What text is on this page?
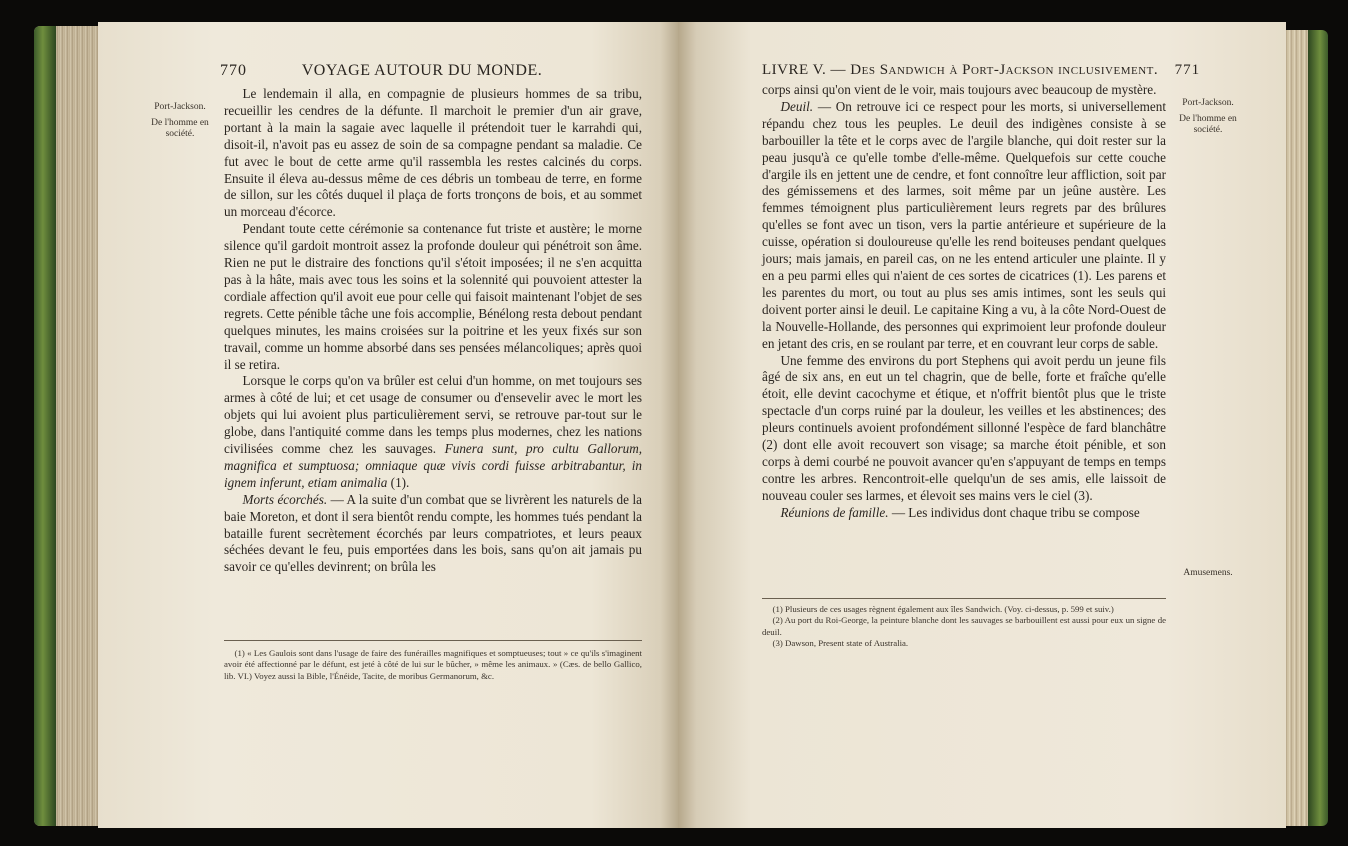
770	VOYAGE AUTOUR DU MONDE.
Port-Jackson.
De l'homme en société.

Le lendemain il alla, en compagnie de plusieurs hommes de sa tribu, recueillir les cendres de la défunte. Il marchoit le premier d'un air grave, portant à la main la sagaie avec laquelle il prétendoit tuer le karrahdi qui, disoit-il, n'avoit pas eu assez de soin de sa compagne pendant sa maladie. Ce fut avec le bout de cette arme qu'il rassembla les restes calcinés du corps. Ensuite il éleva au-dessus même de ces débris un tombeau de terre, en forme de sillon, sur les côtés duquel il plaça de forts tronçons de bois, et au sommet un morceau d'écorce.

Pendant toute cette cérémonie sa contenance fut triste et austère; le morne silence qu'il gardoit montroit assez la profonde douleur qui pénétroit son âme. Rien ne put le distraire des fonctions qu'il s'étoit imposées; il ne s'en acquitta pas à la hâte, mais avec tous les soins et la solennité qui pouvoient attester la cordiale affection qu'il avoit eue pour celle qui faisoit maintenant l'objet de ses regrets. Cette pénible tâche une fois accomplie, Bénélong resta debout pendant quelques minutes, les mains croisées sur la poitrine et les yeux fixés sur son travail, comme un homme absorbé dans ses pensées mélancoliques; après quoi il se retira.

Lorsque le corps qu'on va brûler est celui d'un homme, on met toujours ses armes à côté de lui; et cet usage de consumer ou d'ensevelir avec le mort les objets qui lui avoient plus particulièrement servi, se retrouve par-tout sur le globe, dans l'antiquité comme dans les temps plus modernes, chez les nations civilisées comme chez les sauvages. Funera sunt, pro cultu Gallorum, magnifica et sumptuosa; omniaque quæ vivis cordi fuisse arbitrabantur, in ignem inferunt, etiam animalia (1).

Morts écorchés. — A la suite d'un combat que se livrèrent les naturels de la baie Moreton, et dont il sera bientôt rendu compte, les hommes tués pendant la bataille furent secrètement écorchés par leurs compatriotes, et leurs peaux séchées devant le feu, puis emportées dans les bois, sans qu'on ait jamais pu savoir ce qu'elles devinrent; on brûla les

(1) « Les Gaulois sont dans l'usage de faire des funérailles magnifiques et somptueuses; tout » ce qu'ils s'imaginent avoir été affectionné par le défunt, est jeté à côté de lui sur le bûcher, » même les animaux. » (Cæs. de bello Gallico, lib. VI.) Voyez aussi la Bible, l'Énéide, Tacite, de moribus Germanorum, &c.

LIVRE V. — Des Sandwich à Port-Jackson inclusivement. 771
Port-Jackson.
De l'homme en société.
Amusemens.

corps ainsi qu'on vient de le voir, mais toujours avec beaucoup de mystère.

Deuil. — On retrouve ici ce respect pour les morts, si universellement répandu chez tous les peuples. Le deuil des indigènes consiste à se barbouiller la tête et le corps avec de l'argile blanche, qui doit rester sur la peau jusqu'à ce qu'elle tombe d'elle-même. Quelquefois sur cette couche d'argile ils en jettent une de cendre, et font connoître leur affliction, soit par des gémissemens et des larmes, soit même par un jeûne austère. Les femmes témoignent plus particulièrement leurs regrets par des brûlures qu'elles se font avec un tison, vers la partie antérieure et supérieure de la cuisse, opération si douloureuse qu'elle les rend boiteuses pendant quelques jours; mais jamais, en pareil cas, on ne les entend articuler une plainte. Il y en a peu parmi elles qui n'aient de ces sortes de cicatrices (1). Les parens et les parentes du mort, ou tout au plus ses amis intimes, sont les seuls qui doivent porter ainsi le deuil. Le capitaine King a vu, à la côte Nord-Ouest de la Nouvelle-Hollande, des personnes qui exprimoient leur profonde douleur en jetant des cris, en se roulant par terre, et en couvrant leur corps de sable.

Une femme des environs du port Stephens qui avoit perdu un jeune fils âgé de six ans, en eut un tel chagrin, que de belle, forte et fraîche qu'elle étoit, elle devint cacochyme et étique, et n'offrit bientôt plus que le triste spectacle d'un corps ruiné par la douleur, les veilles et les abstinences; des pleurs continuels avoient profondément sillonné l'espèce de fard blanchâtre (2) dont elle avoit recouvert son visage; sa marche étoit pénible, et son corps à demi courbé ne pouvoit avancer qu'en s'appuyant de temps en temps contre les arbres. Rencontroit-elle quelqu'un de ses amis, elle laissoit de nouveau couler ses larmes, et élevoit ses mains vers le ciel (3).

Réunions de famille. — Les individus dont chaque tribu se compose

(1) Plusieurs de ces usages règnent également aux îles Sandwich. (Voy. ci-dessus, p. 599 et suiv.)

(2) Au port du Roi-George, la peinture blanche dont les sauvages se barbouillent est aussi pour eux un signe de deuil.

(3) Dawson, Present state of Australia.
